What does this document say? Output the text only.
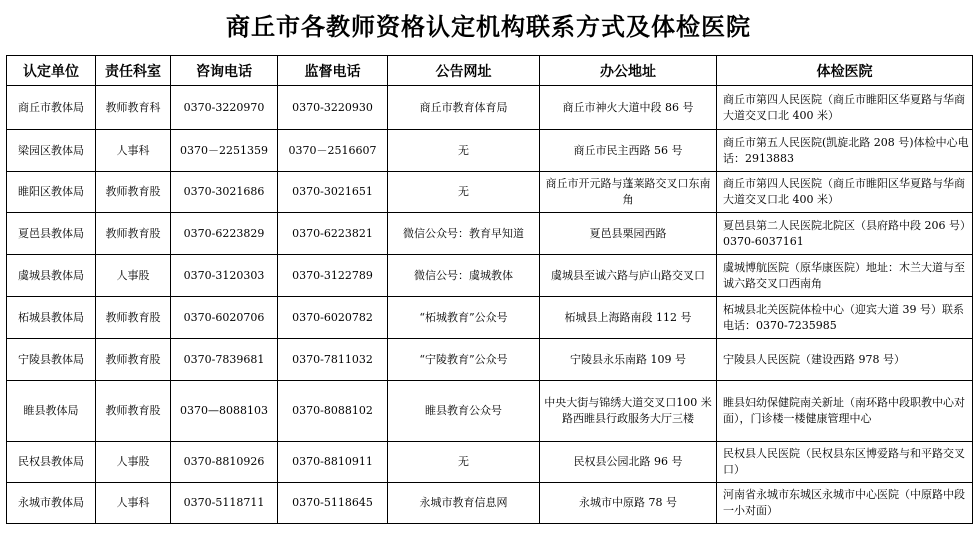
商丘市各教师资格认定机构联系方式及体检医院
认定单位	责任科室	咨询电话	监督电话	公告网址	办公地址	体检医院
商丘市教体局	教师教育科	0370-3220970	0370-3220930	商丘市教育体育局	商丘市神火大道中段 86 号	商丘市第四人民医院（商丘市睢阳区华夏路与华商大道交叉口北 400 米）
梁园区教体局	人事科	0370－2251359	0370－2516607	无	商丘市民主西路 56 号	商丘市第五人民医院(凯旋北路 208 号)体检中心电话：2913883
睢阳区教体局	教师教育股	0370-3021686	0370-3021651	无	商丘市开元路与蓬莱路交叉口东南角	商丘市第四人民医院（商丘市睢阳区华夏路与华商大道交叉口北 400 米）
夏邑县教体局	教师教育股	0370-6223829	0370-6223821	微信公众号：教育早知道	夏邑县栗园西路	夏邑县第二人民医院北院区（县府路中段 206 号）0370-6037161
虞城县教体局	人事股	0370-3120303	0370-3122789	微信公号：虞城教体	虞城县至诚六路与庐山路交叉口	虞城博航医院（原华康医院）地址：木兰大道与至诚六路交叉口西南角
柘城县教体局	教师教育股	0370-6020706	0370-6020782	“柘城教育”公众号	柘城县上海路南段 112 号	柘城县北关医院体检中心（迎宾大道 39 号）联系电话：0370-7235985
宁陵县教体局	教师教育股	0370-7839681	0370-7811032	“宁陵教育”公众号	宁陵县永乐南路 109 号	宁陵县人民医院（建设西路 978 号）
睢县教体局	教师教育股	0370—8088103	0370-8088102	睢县教育公众号	中央大街与锦绣大道交叉口100 米路西睢县行政服务大厅三楼	睢县妇幼保健院南关新址（南环路中段职教中心对面），门诊楼一楼健康管理中心
民权县教体局	人事股	0370-8810926	0370-8810911	无	民权县公园北路 96 号	民权县人民医院（民权县东区博爱路与和平路交叉口）
永城市教体局	人事科	0370-5118711	0370-5118645	永城市教育信息网	永城市中原路 78 号	河南省永城市东城区永城市中心医院（中原路中段一小对面）
